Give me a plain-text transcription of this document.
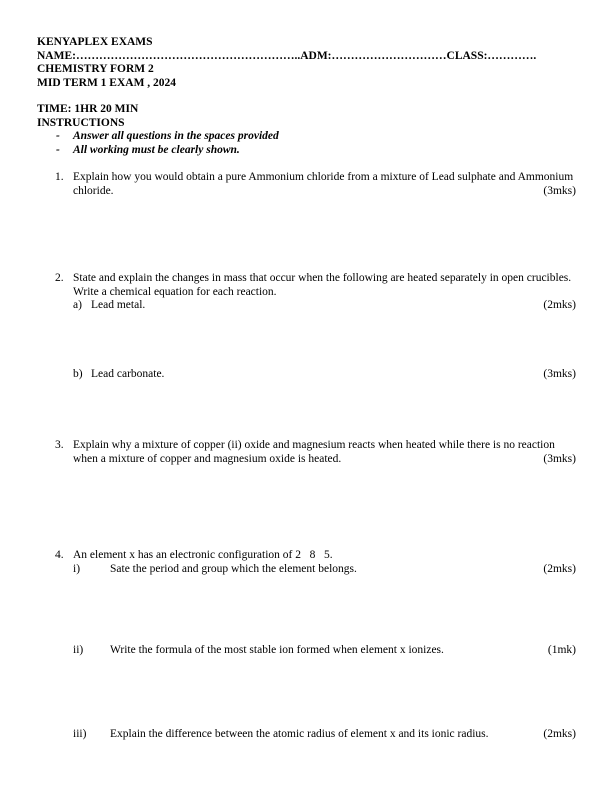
KENYAPLEX EXAMS
NAME:…………………………………………………..ADM:…………………………CLASS:………….
CHEMISTRY FORM 2
MID TERM 1 EXAM , 2024
TIME: 1HR 20 MIN
INSTRUCTIONS
-	Answer all questions in the spaces provided
-	All working must be clearly shown.
1. Explain how you would obtain a pure Ammonium chloride from a mixture of Lead sulphate and Ammonium chloride.	(3mks)
2. State and explain the changes in mass that occur when the following are heated separately in open crucibles. Write a chemical equation for each reaction.
a) Lead metal.	(2mks)
b) Lead carbonate.	(3mks)
3. Explain why a mixture of copper (ii) oxide and magnesium reacts when heated while there is no reaction when a mixture of copper and magnesium oxide is heated.	(3mks)
4. An element x has an electronic configuration of 2   8   5.
i)	Sate the period and group which the element belongs.	(2mks)
ii)	Write the formula of the most stable ion formed when element x ionizes.	(1mk)
iii)	Explain the difference between the atomic radius of element x and its ionic radius.	(2mks)
